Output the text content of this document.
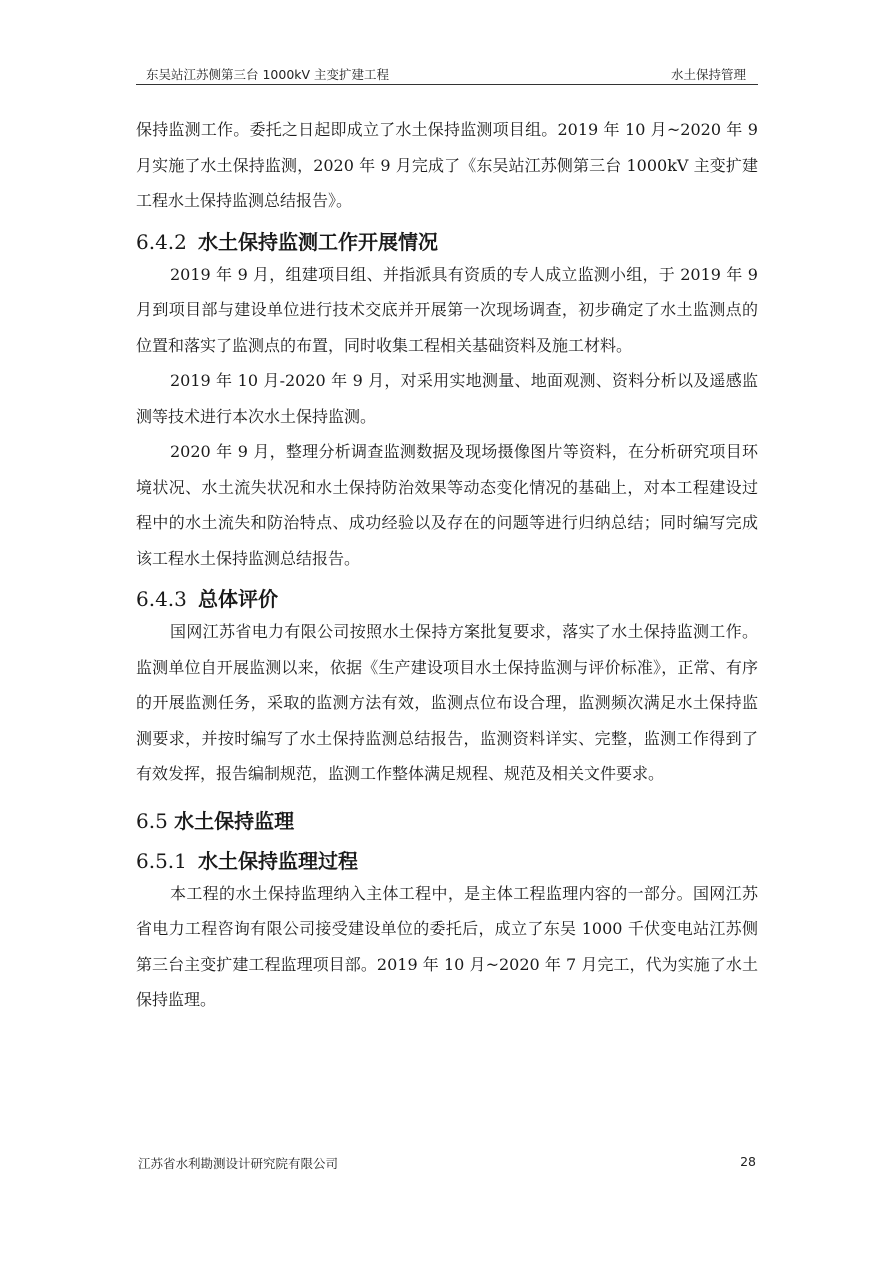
东吴站江苏侧第三台 1000kV 主变扩建工程	水土保持管理

保持监测工作。委托之日起即成立了水土保持监测项目组。2019 年 10 月~2020 年 9 月实施了水土保持监测，2020 年 9 月完成了《东吴站江苏侧第三台 1000kV 主变扩建工程水土保持监测总结报告》。

6.4.2 水土保持监测工作开展情况

2019 年 9 月，组建项目组、并指派具有资质的专人成立监测小组，于 2019 年 9 月到项目部与建设单位进行技术交底并开展第一次现场调查，初步确定了水土监测点的位置和落实了监测点的布置，同时收集工程相关基础资料及施工材料。

2019 年 10 月-2020 年 9 月，对采用实地测量、地面观测、资料分析以及遥感监测等技术进行本次水土保持监测。

2020 年 9 月，整理分析调查监测数据及现场摄像图片等资料，在分析研究项目环境状况、水土流失状况和水土保持防治效果等动态变化情况的基础上，对本工程建设过程中的水土流失和防治特点、成功经验以及存在的问题等进行归纳总结；同时编写完成该工程水土保持监测总结报告。

6.4.3 总体评价

国网江苏省电力有限公司按照水土保持方案批复要求，落实了水土保持监测工作。监测单位自开展监测以来，依据《生产建设项目水土保持监测与评价标准》，正常、有序的开展监测任务，采取的监测方法有效，监测点位布设合理，监测频次满足水土保持监测要求，并按时编写了水土保持监测总结报告，监测资料详实、完整，监测工作得到了有效发挥，报告编制规范，监测工作整体满足规程、规范及相关文件要求。

6.5 水土保持监理
6.5.1 水土保持监理过程

本工程的水土保持监理纳入主体工程中，是主体工程监理内容的一部分。国网江苏省电力工程咨询有限公司接受建设单位的委托后，成立了东吴 1000 千伏变电站江苏侧第三台主变扩建工程监理项目部。2019 年 10 月~2020 年 7 月完工，代为实施了水土保持监理。

江苏省水利勘测设计研究院有限公司	28
